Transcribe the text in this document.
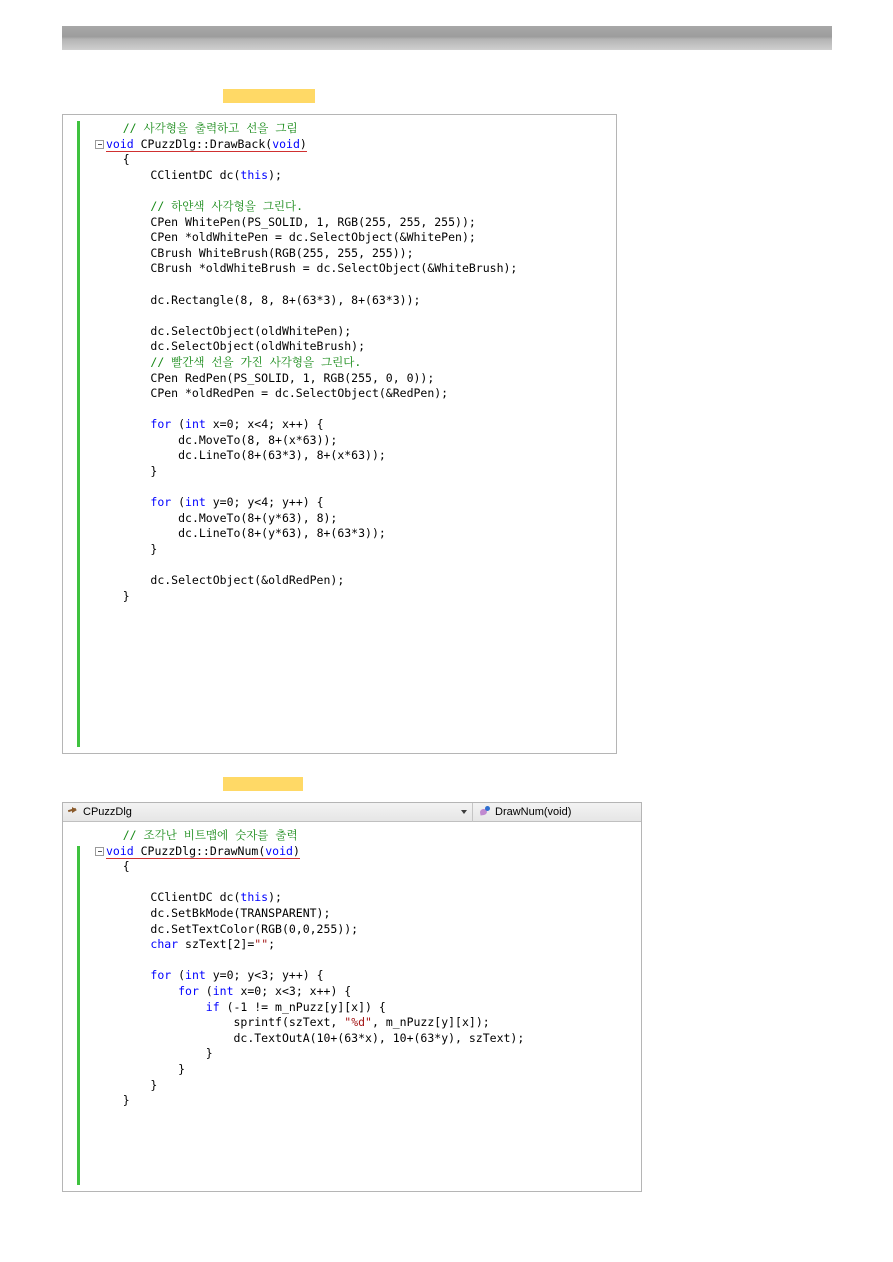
// 사각형을 출력하고 선을 그림
void CPuzzDlg::DrawBack(void)
{
CClientDC dc(this);
// 하얀색 사각형을 그린다.
CPen WhitePen(PS_SOLID, 1, RGB(255, 255, 255));
CPen *oldWhitePen = dc.SelectObject(&WhitePen);
CBrush WhiteBrush(RGB(255, 255, 255));
CBrush *oldWhiteBrush = dc.SelectObject(&WhiteBrush);
dc.Rectangle(8, 8, 8+(63*3), 8+(63*3));
dc.SelectObject(oldWhitePen);
dc.SelectObject(oldWhiteBrush);
// 빨간색 선을 가진 사각형을 그린다.
CPen RedPen(PS_SOLID, 1, RGB(255, 0, 0));
CPen *oldRedPen = dc.SelectObject(&RedPen);
for (int x=0; x<4; x++) {
dc.MoveTo(8, 8+(x*63));
dc.LineTo(8+(63*3), 8+(x*63));
}
for (int y=0; y<4; y++) {
dc.MoveTo(8+(y*63), 8);
dc.LineTo(8+(y*63), 8+(63*3));
}
dc.SelectObject(&oldRedPen);
}
CPuzzDlg	DrawNum(void)
// 조각난 비트맵에 숫자를 출력
void CPuzzDlg::DrawNum(void)
{
CClientDC dc(this);
dc.SetBkMode(TRANSPARENT);
dc.SetTextColor(RGB(0,0,255));
char szText[2]="";
for (int y=0; y<3; y++) {
for (int x=0; x<3; x++) {
if (-1 != m_nPuzz[y][x]) {
sprintf(szText, "%d", m_nPuzz[y][x]);
dc.TextOutA(10+(63*x), 10+(63*y), szText);
}
}
}
}
